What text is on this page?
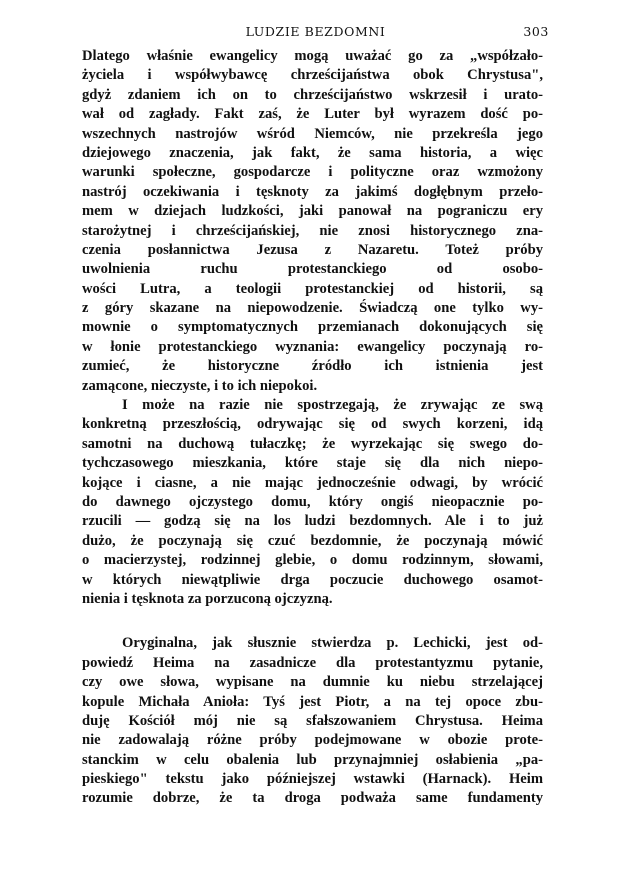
LUDZIE BEZDOMNI	303
Dlatego właśnie ewangelicy mogą uważać go za „współzało-
życiela i współwybawcę chrześcijaństwa obok Chrystusa",
gdyż zdaniem ich on to chrześcijaństwo wskrzesił i urato-
wał od zagłady. Fakt zaś, że Luter był wyrazem dość po-
wszechnych nastrojów wśród Niemców, nie przekreśla jego
dziejowego znaczenia, jak fakt, że sama historia, a więc
warunki społeczne, gospodarcze i polityczne oraz wzmożony
nastrój oczekiwania i tęsknoty za jakimś dogłębnym przeło-
mem w dziejach ludzkości, jaki panował na pograniczu ery
starożytnej i chrześcijańskiej, nie znosi historycznego zna-
czenia posłannictwa Jezusa z Nazaretu. Toteż próby
uwolnienia ruchu protestanckiego od osobo-
wości Lutra, a teologii protestanckiej od historii, są
z góry skazane na niepowodzenie. Świadczą one tylko wy-
mownie o symptomatycznych przemianach dokonujących się
w łonie protestanckiego wyznania: ewangelicy poczynają ro-
zumieć, że historyczne źródło ich istnienia jest
zamącone, nieczyste, i to ich niepokoi.
I może na razie nie spostrzegają, że zrywając ze swą
konkretną przeszłością, odrywając się od swych korzeni, idą
samotni na duchową tułaczkę; że wyrzekając się swego do-
tychczasowego mieszkania, które staje się dla nich niepo-
kojące i ciasne, a nie mając jednocześnie odwagi, by wrócić
do dawnego ojczystego domu, który ongiś nieopacznie po-
rzucili — godzą się na los ludzi bezdomnych. Ale i to już
dużo, że poczynają się czuć bezdomnie, że poczynają mówić
o macierzystej, rodzinnej glebie, o domu rodzinnym, słowami,
w których niewątpliwie drga poczucie duchowego osamot-
nienia i tęsknota za porzuconą ojczyzną.
Oryginalna, jak słusznie stwierdza p. Lechicki, jest od-
powiedź Heima na zasadnicze dla protestantyzmu pytanie,
czy owe słowa, wypisane na dumnie ku niebu strzelającej
kopule Michała Anioła: Tyś jest Piotr, a na tej opoce zbu-
duję Kościół mój nie są sfałszowaniem Chrystusa. Heima
nie zadowalają różne próby podejmowane w obozie prote-
stanckim w celu obalenia lub przynajmniej osłabienia „pa-
pieskiego" tekstu jako późniejszej wstawki (Harnack). Heim
rozumie dobrze, że ta droga podważa same fundamenty
